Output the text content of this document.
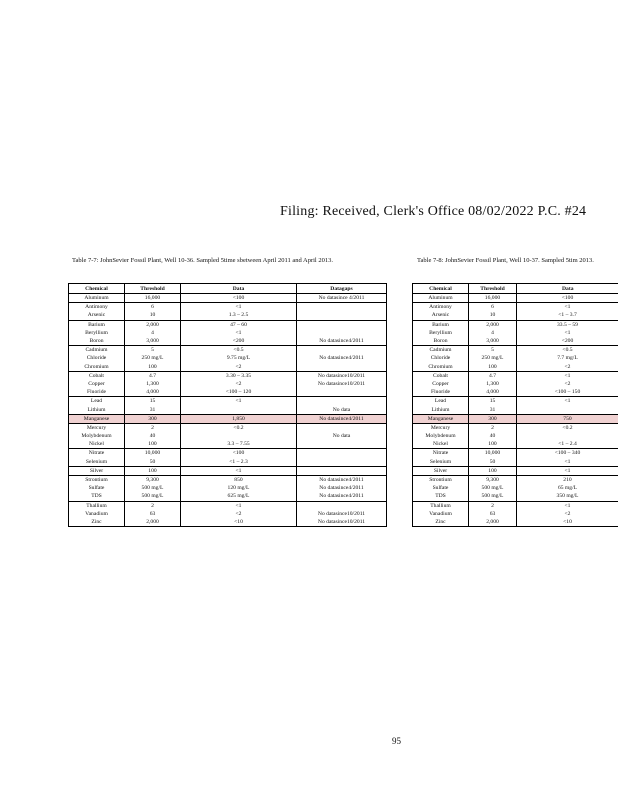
Filing: Received, Clerk's Office 08/02/2022 P.C. #24
Table 7-7: JohnSevier Fossil Plant, Well 10-36. Sampled 5time sbetween April 2011 and April 2013.
Chemical	Threshold	Data	Datagaps
Aluminum	16,000	<100	No datasince 4/2011
Antimony	6	<1	
Arsenic	10	1.3 – 2.5	
Barium	2,000	47 – 60	
Beryllium	4	<1	
Boron	3,000	<200	No datasince4/2011
Cadmium	5	<0.5	
Chloride	250 mg/L	9.75 mg/L	No datasince4/2011
Chromium	100	<2	
Cobalt	4.7	3.30 – 3.35	No datasince10/2011
Copper	1,300	<2	No datasince10/2011
Fluoride	4,000	<100 – 120	
Lead	15	<1	
Lithium	31		No data
Manganese	300	1,850	No datasince4/2011
Mercury	2	<0.2	
Molybdenum	40		No data
Nickel	100	3.3 – 7.55	
Nitrate	10,000	<100	
Selenium	50	<1 – 2.3	
Silver	100	<1	
Strontium	9,300	850	No datasince4/2011
Sulfate	500 mg/L	120 mg/L	No datasince4/2011
TDS	500 mg/L	625 mg/L	No datasince4/2011
Thallium	2	<1	
Vanadium	63	<2	No datasince10/2011
Zinc	2,000	<10	No datasince10/2011
Table 7-8: JohnSevier Fossil Plant, Well 10-37. Sampled 5tim 2013.
Chemical	Threshold	Data
Aluminum	16,000	<100
Antimony	6	<1
Arsenic	10	<1 – 3.7
Barium	2,000	33.5 – 59
Beryllium	4	<1
Boron	3,000	<200
Cadmium	5	<0.5
Chloride	250 mg/L	7.7 mg/L
Chromium	100	<2
Cobalt	4.7	<1
Copper	1,300	<2
Fluoride	4,000	<100 – 150
Lead	15	<1
Lithium	31	
Manganese	300	750
Mercury	2	<0.2
Molybdenum	40	
Nickel	100	<1 – 2.4
Nitrate	10,000	<100 – 340
Selenium	50	<1
Silver	100	<1
Strontium	9,300	210
Sulfate	500 mg/L	65 mg/L
TDS	500 mg/L	350 mg/L
Thallium	2	<1
Vanadium	63	<2
Zinc	2,000	<10
95
